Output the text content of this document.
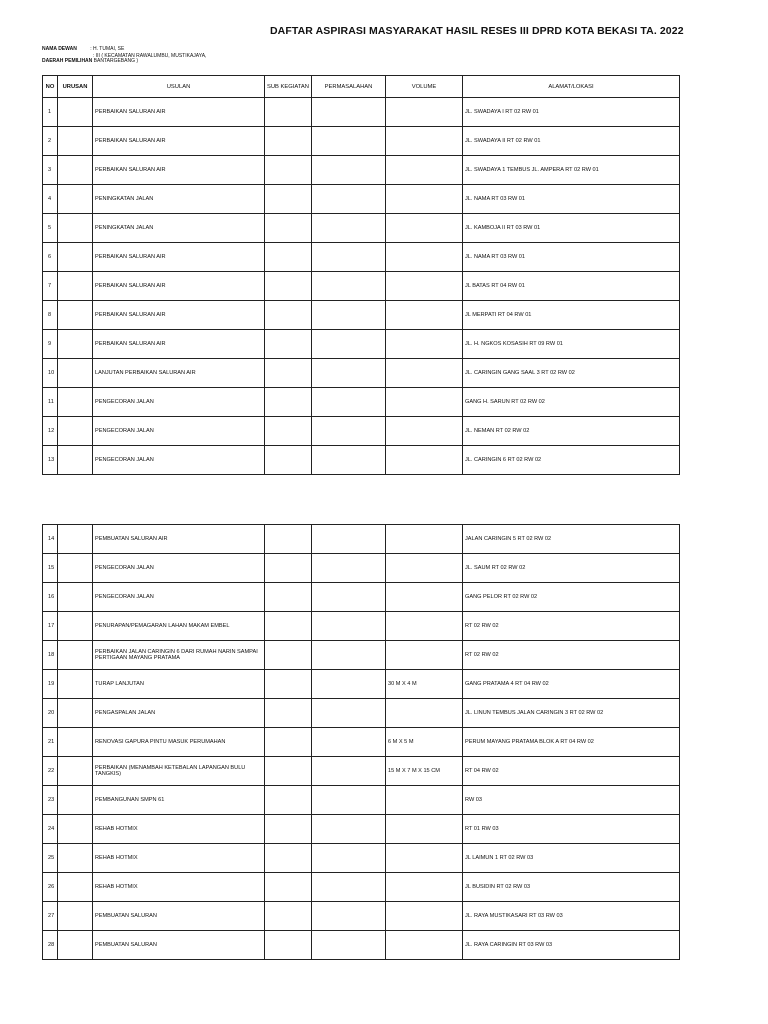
DAFTAR ASPIRASI MASYARAKAT HASIL RESES III DPRD KOTA BEKASI TA. 2022
NAMA DEWAN	: H. TUMAI, SE
: III ( KECAMATAN RAWALUMBU, MUSTIKAJAYA,
DAERAH PEMILIHAN BANTARGEBANG )
NO	URUSAN	USULAN	SUB KEGIATAN	PERMASALAHAN	VOLUME	ALAMAT/LOKASI
1		PERBAIKAN SALURAN AIR				JL. SWADAYA I RT 02 RW 01
2		PERBAIKAN SALURAN AIR				JL. SWADAYA II RT 02 RW 01
3		PERBAIKAN SALURAN AIR				JL. SWADAYA 1 TEMBUS JL. AMPERA RT 02 RW 01
4		PENINGKATAN JALAN				JL. NAMA RT 03 RW 01
5		PENINGKATAN JALAN				JL. KAMBOJA II RT 03 RW 01
6		PERBAIKAN SALURAN AIR				JL. NAMA RT 03 RW 01
7		PERBAIKAN SALURAN AIR				JL BATAS RT 04 RW 01
8		PERBAIKAN SALURAN AIR				JL MERPATI RT 04 RW 01
9		PERBAIKAN SALURAN AIR				JL. H. NGKOS KOSASIH RT 09 RW 01
10		LANJUTAN PERBAIKAN SALURAN AIR				JL. CARINGIN GANG SAAL 3 RT 02 RW 02
11		PENGECORAN JALAN				GANG H. SARUN RT 02 RW 02
12		PENGECORAN JALAN				JL. NEMAN RT 02 RW 02
13		PENGECORAN JALAN				JL. CARINGIN 6 RT 02 RW 02
14		PEMBUATAN SALURAN AIR				JALAN CARINGIN 5 RT 02 RW 02
15		PENGECORAN JALAN				JL. SAUM RT 02 RW 02
16		PENGECORAN JALAN				GANG PELOR RT 02 RW 02
17		PENURAPAN/PEMAGARAN LAHAN MAKAM EMBEL				RT 02 RW 02
18		PERBAIKAN JALAN CARINGIN 6 DARI RUMAH NARIN SAMPAI PERTIGAAN MAYANG PRATAMA				RT 02 RW 02
19		TURAP LANJUTAN			30 M X 4 M	GANG PRATAMA 4 RT 04 RW 02
20		PENGASPALAN JALAN				JL. LINUN TEMBUS JALAN CARINGIN 3 RT 02 RW 02
21		RENOVASI GAPURA PINTU MASUK PERUMAHAN			6 M X 5 M	PERUM MAYANG PRATAMA BLOK A RT 04 RW 02
22		PERBAIKAN (MENAMBAH KETEBALAN LAPANGAN BULU TANGKIS)			15 M X 7 M X 15 CM	RT 04 RW 02
23		PEMBANGUNAN SMPN 61				RW 03
24		REHAB HOTMIX				RT 01 RW 03
25		REHAB HOTMIX				JL LAIMUN 1 RT 02 RW 03
26		REHAB HOTMIX				JL BUSIDIN RT 02 RW 03
27		PEMBUATAN SALURAN				JL. RAYA MUSTIKASARI RT 03 RW 03
28		PEMBUATAN SALURAN				JL. RAYA CARINGIN RT 03 RW 03
